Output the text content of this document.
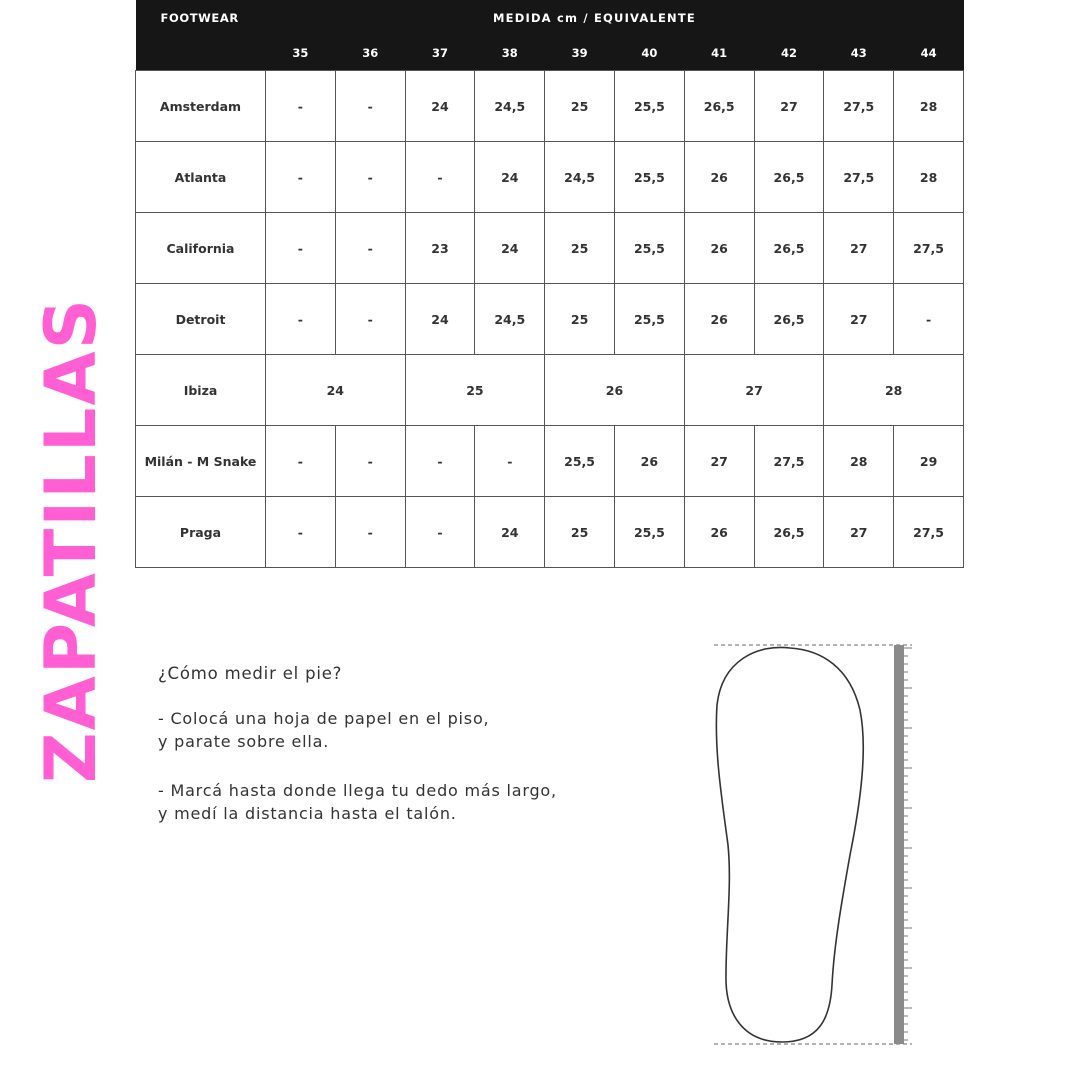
FOOTWEAR	MEDIDA cm / EQUIVALENTE									
	35	36	37	38	39	40	41	42	43	44
Amsterdam	-	-	24	24,5	25	25,5	26,5	27	27,5	28
Atlanta	-	-	-	24	24,5	25,5	26	26,5	27,5	28
California	-	-	23	24	25	25,5	26	26,5	27	27,5
Detroit	-	-	24	24,5	25	25,5	26	26,5	27	-
Ibiza	24		25		26		27		28	
Milán - M Snake	-	-	-	-	25,5	26	27	27,5	28	29
Praga	-	-	-	24	25	25,5	26	26,5	27	27,5
ZAPATILLAS	¿Cómo medir el pie?

- Colocá una hoja de papel en el piso,
y parate sobre ella.

- Marcá hasta donde llega tu dedo más largo,
y medí la distancia hasta el talón.
